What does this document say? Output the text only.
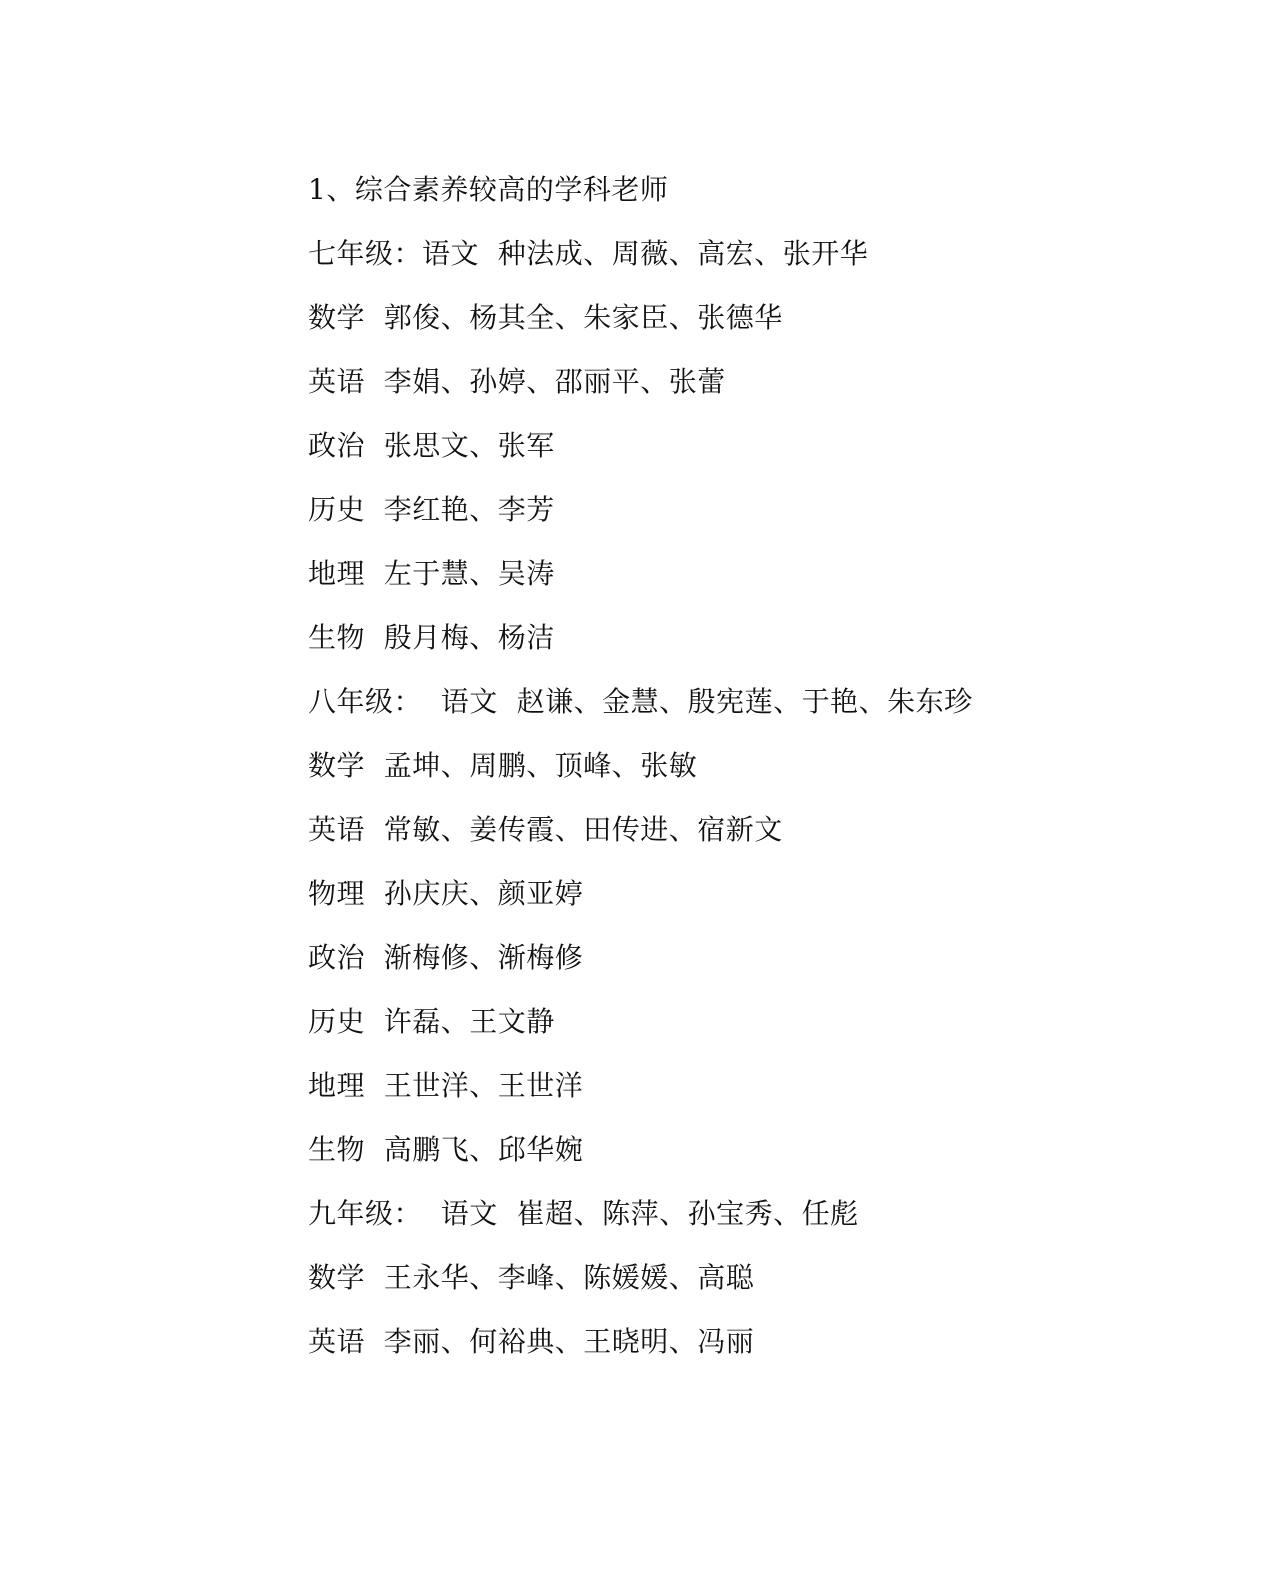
1、综合素养较高的学科老师
七年级：语文  种法成、周薇、高宏、张开华
数学  郭俊、杨其全、朱家臣、张德华
英语  李娟、孙婷、邵丽平、张蕾
政治  张思文、张军
历史  李红艳、李芳
地理  左于慧、吴涛
生物  殷月梅、杨洁
八年级：  语文  赵谦、金慧、殷宪莲、于艳、朱东珍
数学  孟坤、周鹏、顶峰、张敏
英语  常敏、姜传霞、田传进、宿新文
物理  孙庆庆、颜亚婷
政治  渐梅修、渐梅修
历史  许磊、王文静
地理  王世洋、王世洋
生物  高鹏飞、邱华婉
九年级：  语文  崔超、陈萍、孙宝秀、任彪
数学  王永华、李峰、陈媛媛、高聪
英语  李丽、何裕典、王晓明、冯丽
